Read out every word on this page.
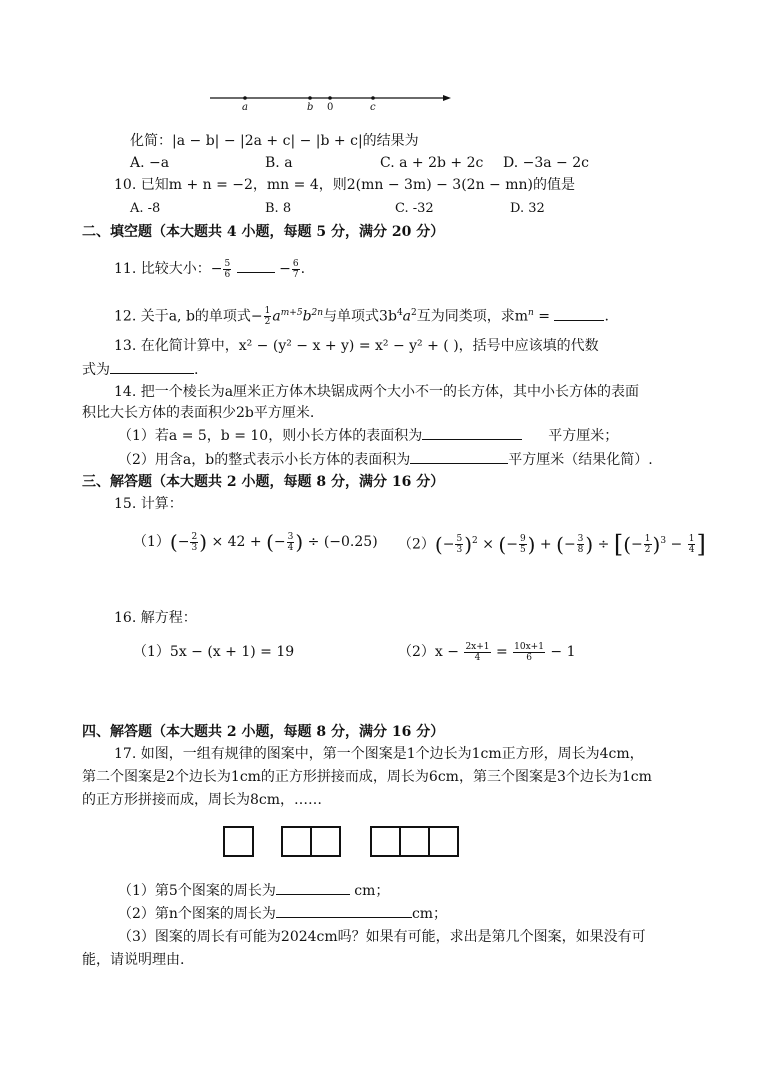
a	b 0	c
化简：|a − b| − |2a + c| − |b + c|的结果为
A. −a	B. a	C. a + 2b + 2c D. −3a − 2c
10. 已知m + n = −2，mn = 4，则2(mn − 3m) − 3(2n − mn)的值是
A. -8	B. 8	C. -32	D. 32
二、填空题（本大题共 4 小题，每题 5 分，满分 20 分）
11. 比较大小：− $\frac{5}{6}$	− $\frac{6}{7}$ .
12. 关于a, b的单项式− $\frac{1}{2} a^{m+5}b^{2n}$与单项式$3b^4a^2$互为同类项，求$m^n$ =	.
13. 在化简计算中，x² − (y² − x + y) = x² − y² + ( )，括号中应该填的代数
式为	.
14. 把一个棱长为a厘米正方体木块锯成两个大小不一的长方体，其中小长方体的表面
积比大长方体的表面积少2b平方厘米.
（1）若a = 5，b = 10，则小长方体的表面积为	平方厘米；
（2）用含a，b的整式表示小长方体的表面积为	平方厘米（结果化简）.
三、解答题（本大题共 2 小题，每题 8 分，满分 16 分）
15. 计算：
$(1)(- \frac{2}{3}$ ) × 42 + (− $\frac{3}{4}$ ) ÷ (−0.25) $(2)(- \frac{5}{3} )^2$ × (− $\frac{9}{5}$ ) + (− $\frac{3}{8}$ ) ÷ [(− $\frac{1}{2} )^3 - \frac{1}{4}$ ]
16. 解方程：
（1）5x − (x + 1) = 19	$(2)x - \frac{2x+1}{4} = \frac{10x+1}{6} - 1$
四、解答题（本大题共 2 小题，每题 8 分，满分 16 分）
17. 如图，一组有规律的图案中，第一个图案是1个边长为1cm正方形，周长为4cm，
第二个图案是2个边长为1cm的正方形拼接而成，周长为6cm，第三个图案是3个边长为1cm
的正方形拼接而成，周长为8cm，……
（1）第5个图案的周长为	cm；
（2）第n个图案的周长为	cm；
（3）图案的周长有可能为2024cm吗？如果有可能，求出是第几个图案，如果没有可
能，请说明理由.
